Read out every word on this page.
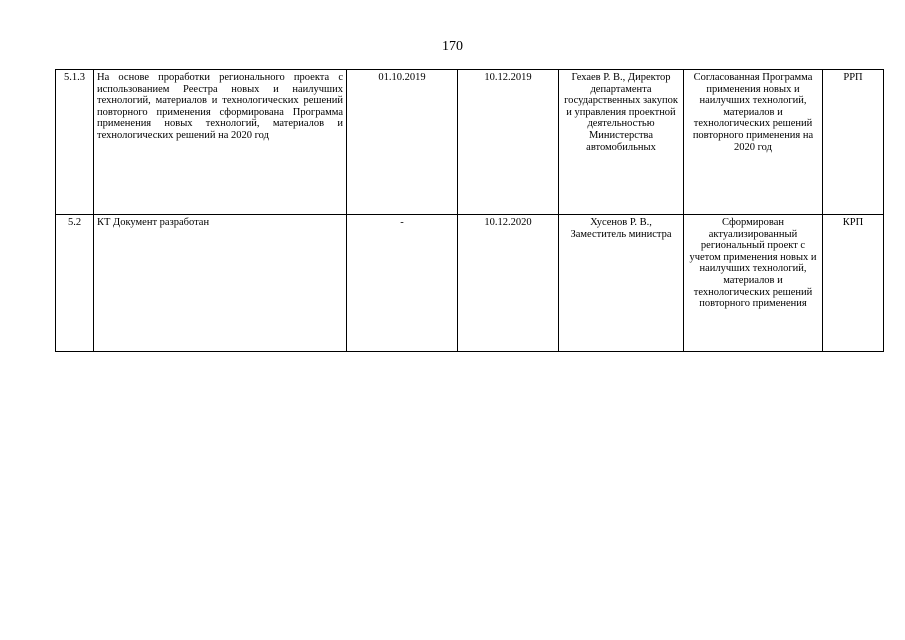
170
5.1.3	На основе проработки регионального проекта с использованием Реестра новых и наилучших технологий, материалов и технологических решений повторного применения сформирована Программа применения новых технологий, материалов и технологических решений на 2020 год	01.10.2019	10.12.2019	Гехаев Р. В., Директор департамента государственных закупок и управления проектной деятельностью Министерства автомобильных	Согласованная Программа применения новых и наилучших технологий, материалов и технологических решений повторного применения на 2020 год	РРП
5.2	КТ Документ разработан	-	10.12.2020	Хусенов Р. В., Заместитель министра	Сформирован актуализированный региональный проект с учетом применения новых и наилучших технологий, материалов и технологических решений повторного применения	КРП
